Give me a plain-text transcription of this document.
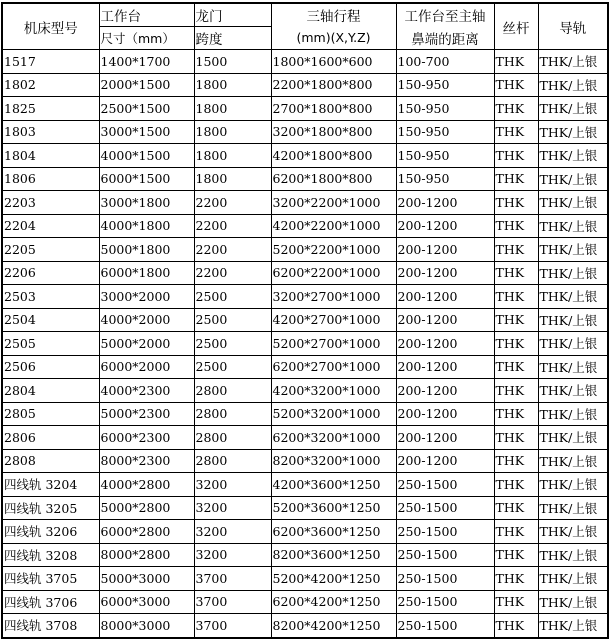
机床型号	工作台	龙门	三轴行程	工作台至主轴	丝杆	导轨
	尺寸（mm）	跨度	(mm)(X,Y.Z)	鼻端的距离		
1517	1400*1700	1500	1800*1600*600	100-700	THK	THK/上银
1802	2000*1500	1800	2200*1800*800	150-950	THK	THK/上银
1825	2500*1500	1800	2700*1800*800	150-950	THK	THK/上银
1803	3000*1500	1800	3200*1800*800	150-950	THK	THK/上银
1804	4000*1500	1800	4200*1800*800	150-950	THK	THK/上银
1806	6000*1500	1800	6200*1800*800	150-950	THK	THK/上银
2203	3000*1800	2200	3200*2200*1000	200-1200	THK	THK/上银
2204	4000*1800	2200	4200*2200*1000	200-1200	THK	THK/上银
2205	5000*1800	2200	5200*2200*1000	200-1200	THK	THK/上银
2206	6000*1800	2200	6200*2200*1000	200-1200	THK	THK/上银
2503	3000*2000	2500	3200*2700*1000	200-1200	THK	THK/上银
2504	4000*2000	2500	4200*2700*1000	200-1200	THK	THK/上银
2505	5000*2000	2500	5200*2700*1000	200-1200	THK	THK/上银
2506	6000*2000	2500	6200*2700*1000	200-1200	THK	THK/上银
2804	4000*2300	2800	4200*3200*1000	200-1200	THK	THK/上银
2805	5000*2300	2800	5200*3200*1000	200-1200	THK	THK/上银
2806	6000*2300	2800	6200*3200*1000	200-1200	THK	THK/上银
2808	8000*2300	2800	8200*3200*1000	200-1200	THK	THK/上银
四线轨 3204	4000*2800	3200	4200*3600*1250	250-1500	THK	THK/上银
四线轨 3205	5000*2800	3200	5200*3600*1250	250-1500	THK	THK/上银
四线轨 3206	6000*2800	3200	6200*3600*1250	250-1500	THK	THK/上银
四线轨 3208	8000*2800	3200	8200*3600*1250	250-1500	THK	THK/上银
四线轨 3705	5000*3000	3700	5200*4200*1250	250-1500	THK	THK/上银
四线轨 3706	6000*3000	3700	6200*4200*1250	250-1500	THK	THK/上银
四线轨 3708	8000*3000	3700	8200*4200*1250	250-1500	THK	THK/上银
